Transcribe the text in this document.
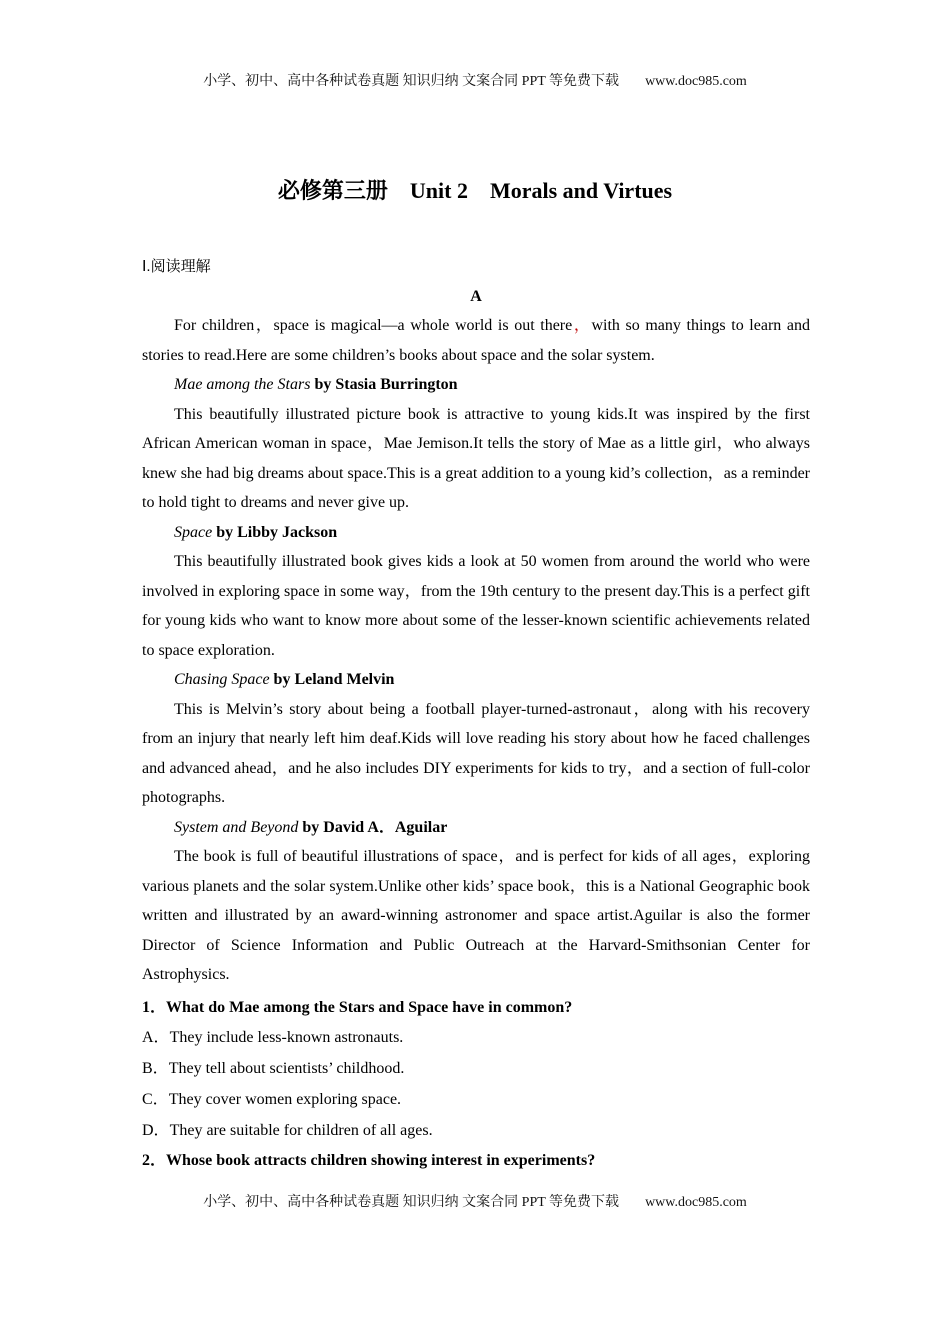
小学、初中、高中各种试卷真题 知识归纳 文案合同 PPT 等免费下载 www.doc985.com
必修第三册　Unit 2　Morals and Virtues
Ⅰ.阅读理解
A

For children，space is magical—a whole world is out there，with so many things to learn and stories to read.Here are some children’s books about space and the solar system.

Mae among the Stars by Stasia Burrington

This beautifully illustrated picture book is attractive to young kids.It was inspired by the first African American woman in space，Mae Jemison.It tells the story of Mae as a little girl，who always knew she had big dreams about space.This is a great addition to a young kid’s collection，as a reminder to hold tight to dreams and never give up.

Space by Libby Jackson

This beautifully illustrated book gives kids a look at 50 women from around the world who were involved in exploring space in some way，from the 19th century to the present day.This is a perfect gift for young kids who want to know more about some of the lesser-known scientific achievements related to space exploration.

Chasing Space by Leland Melvin

This is Melvin’s story about being a football player-turned-astronaut，along with his recovery from an injury that nearly left him deaf.Kids will love reading his story about how he faced challenges and advanced ahead，and he also includes DIY experiments for kids to try，and a section of full-color photographs.

System and Beyond by David A．Aguilar

The book is full of beautiful illustrations of space，and is perfect for kids of all ages，exploring various planets and the solar system.Unlike other kids’ space book，this is a National Geographic book written and illustrated by an award-winning astronomer and space artist.Aguilar is also the former Director of Science Information and Public Outreach at the Harvard-Smithsonian Center for Astrophysics.

1．What do Mae among the Stars and Space have in common?

A．They include less-known astronauts.

B．They tell about scientists’ childhood.

C．They cover women exploring space.

D．They are suitable for children of all ages.

2．Whose book attracts children showing interest in experiments?

小学、初中、高中各种试卷真题 知识归纳 文案合同 PPT 等免费下载 www.doc985.com
